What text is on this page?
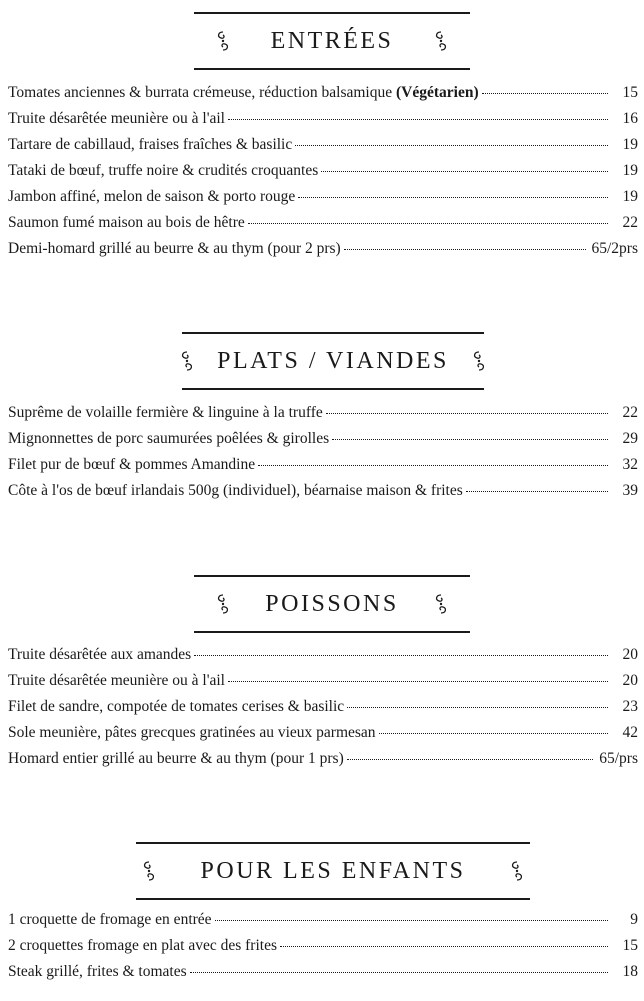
ENTRÉES
Tomates anciennes & burrata crémeuse, réduction balsamique (Végétarien)	15
Truite désarêtée meunière ou à l'ail	16
Tartare de cabillaud, fraises fraîches & basilic	19
Tataki de bœuf, truffe noire & crudités croquantes	19
Jambon affiné, melon de saison & porto rouge	19
Saumon fumé maison au bois de hêtre	22
Demi-homard grillé au beurre & au thym (pour 2 prs)	65/2prs
PLATS / VIANDES
Suprême de volaille fermière & linguine à la truffe	22
Mignonnettes de porc saumurées poêlées & girolles	29
Filet pur de bœuf & pommes Amandine	32
Côte à l'os de bœuf irlandais 500g (individuel), béarnaise maison & frites	39
POISSONS
Truite désarêtée aux amandes	20
Truite désarêtée meunière ou à l'ail	20
Filet de sandre, compotée de tomates cerises & basilic	23
Sole meunière, pâtes grecques gratinées au vieux parmesan	42
Homard entier grillé au beurre & au thym (pour 1 prs)	65/prs
POUR LES ENFANTS
1 croquette de fromage en entrée	9
2 croquettes fromage en plat avec des frites	15
Steak grillé, frites & tomates	18
